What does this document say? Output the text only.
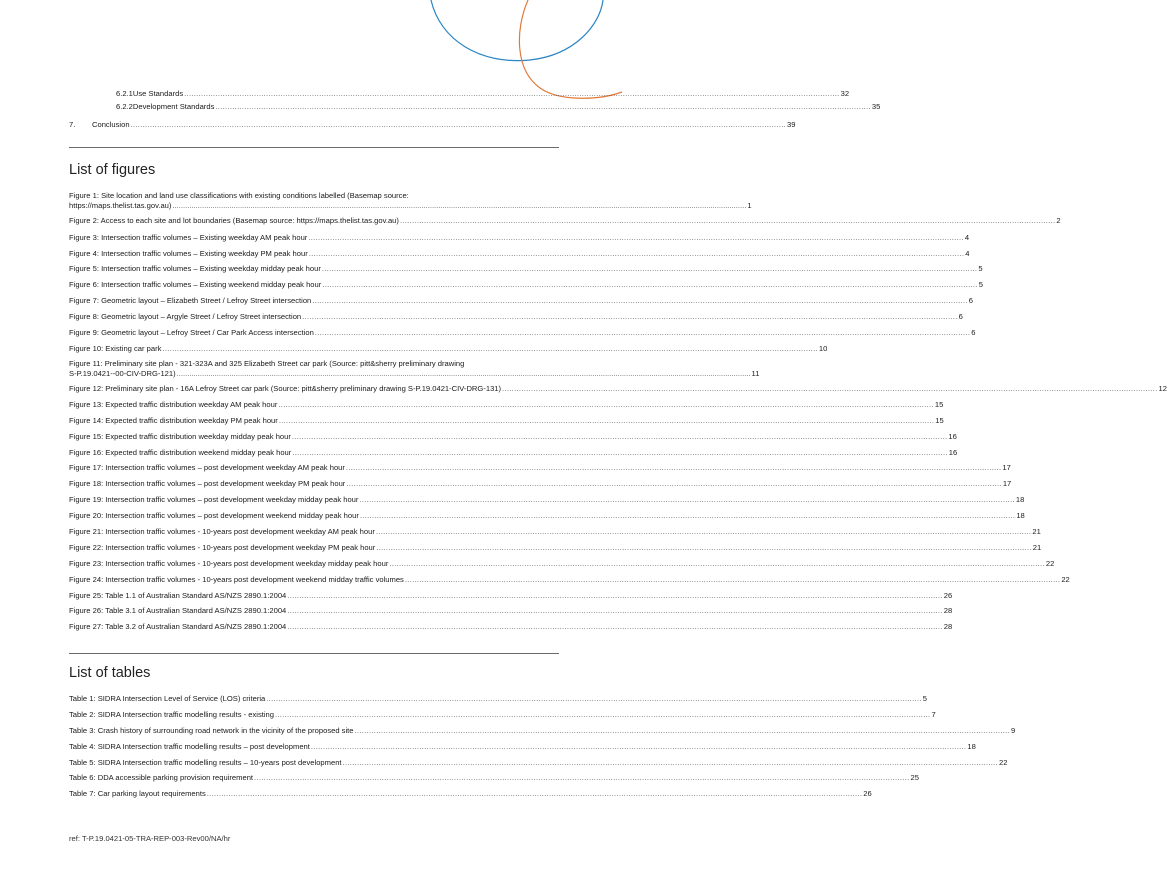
6.2.1 Use Standards .....	32
6.2.2 Development Standards .....	35
7.	Conclusion .....	39
List of figures
Figure 1: Site location and land use classifications with existing conditions labelled (Basemap source:
https://maps.thelist.tas.gov.au) .....	1
Figure 2: Access to each site and lot boundaries (Basemap source: https://maps.thelist.tas.gov.au) .....	2
Figure 3: Intersection traffic volumes – Existing weekday AM peak hour .....	4
Figure 4: Intersection traffic volumes – Existing weekday PM peak hour .....	4
Figure 5: Intersection traffic volumes – Existing weekday midday peak hour .....	5
Figure 6: Intersection traffic volumes – Existing weekend midday peak hour .....	5
Figure 7: Geometric layout – Elizabeth Street / Lefroy Street intersection .....	6
Figure 8: Geometric layout – Argyle Street / Lefroy Street intersection .....	6
Figure 9: Geometric layout – Lefroy Street / Car Park Access intersection .....	6
Figure 10: Existing car park .....	10
Figure 11: Preliminary site plan - 321-323A and 325 Elizabeth Street car park (Source: pitt&sherry preliminary drawing
S-P.19.0421--00-CIV-DRG-121) .....	11
Figure 12: Preliminary site plan - 16A Lefroy Street car park (Source: pitt&sherry preliminary drawing S-P.19.0421-CIV-DRG-131) .....	12
Figure 13: Expected traffic distribution weekday AM peak hour .....	15
Figure 14: Expected traffic distribution weekday PM peak hour .....	15
Figure 15: Expected traffic distribution weekday midday peak hour .....	16
Figure 16: Expected traffic distribution weekend midday peak hour .....	16
Figure 17: Intersection traffic volumes – post development weekday AM peak hour .....	17
Figure 18: Intersection traffic volumes – post development weekday PM peak hour .....	17
Figure 19: Intersection traffic volumes – post development weekday midday peak hour .....	18
Figure 20: Intersection traffic volumes – post development weekend midday peak hour .....	18
Figure 21: Intersection traffic volumes - 10-years post development weekday AM peak hour .....	21
Figure 22: Intersection traffic volumes - 10-years post development weekday PM peak hour .....	21
Figure 23: Intersection traffic volumes - 10-years post development weekday midday peak hour .....	22
Figure 24: Intersection traffic volumes - 10-years post development weekend midday traffic volumes .....	22
Figure 25: Table 1.1 of Australian Standard AS/NZS 2890.1:2004 .....	26
Figure 26: Table 3.1 of Australian Standard AS/NZS 2890.1:2004 .....	28
Figure 27: Table 3.2 of Australian Standard AS/NZS 2890.1:2004 .....	28
List of tables
Table 1: SIDRA Intersection Level of Service (LOS) criteria .....	5
Table 2: SIDRA Intersection traffic modelling results - existing .....	7
Table 3: Crash history of surrounding road network in the vicinity of the proposed site .....	9
Table 4: SIDRA Intersection traffic modelling results – post development .....	18
Table 5: SIDRA Intersection traffic modelling results – 10-years post development .....	22
Table 6: DDA accessible parking provision requirement .....	25
Table 7: Car parking layout requirements .....	26
ref: T-P.19.0421-05-TRA-REP-003-Rev00/NA/hr
